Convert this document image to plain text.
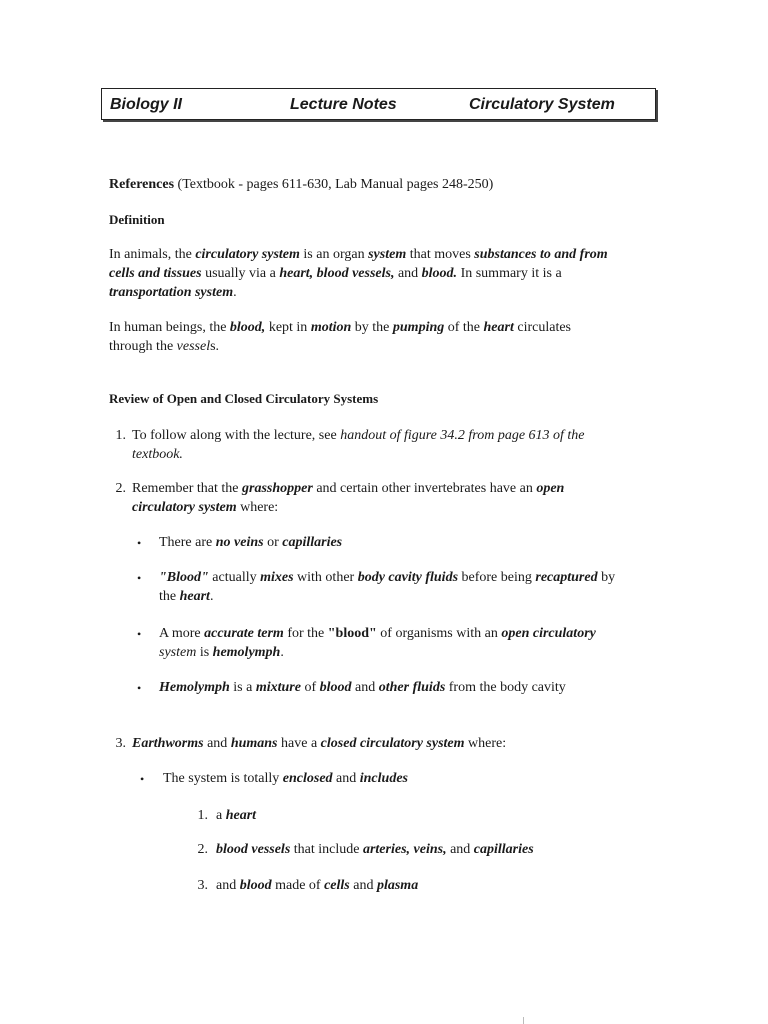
Biology II	Lecture Notes	Circulatory System
References (Textbook - pages 611-630, Lab Manual pages 248-250)
Definition
In animals, the circulatory system is an organ system that moves substances to and from
cells and tissues usually via a heart, blood vessels, and blood. In summary it is a
transportation system.
In human beings, the blood, kept in motion by the pumping of the heart circulates
through the vessels.
Review of Open and Closed Circulatory Systems
1. To follow along with the lecture, see handout of figure 34.2 from page 613 of the
textbook.
2. Remember that the grasshopper and certain other invertebrates have an open
circulatory system where:
• There are no veins or capillaries
• "Blood" actually mixes with other body cavity fluids before being recaptured by
the heart.
• A more accurate term for the "blood" of organisms with an open circulatory
system is hemolymph.
• Hemolymph is a mixture of blood and other fluids from the body cavity
3. Earthworms and humans have a closed circulatory system where:
• The system is totally enclosed and includes
1. a heart
2. blood vessels that include arteries, veins, and capillaries
3. and blood made of cells and plasma
